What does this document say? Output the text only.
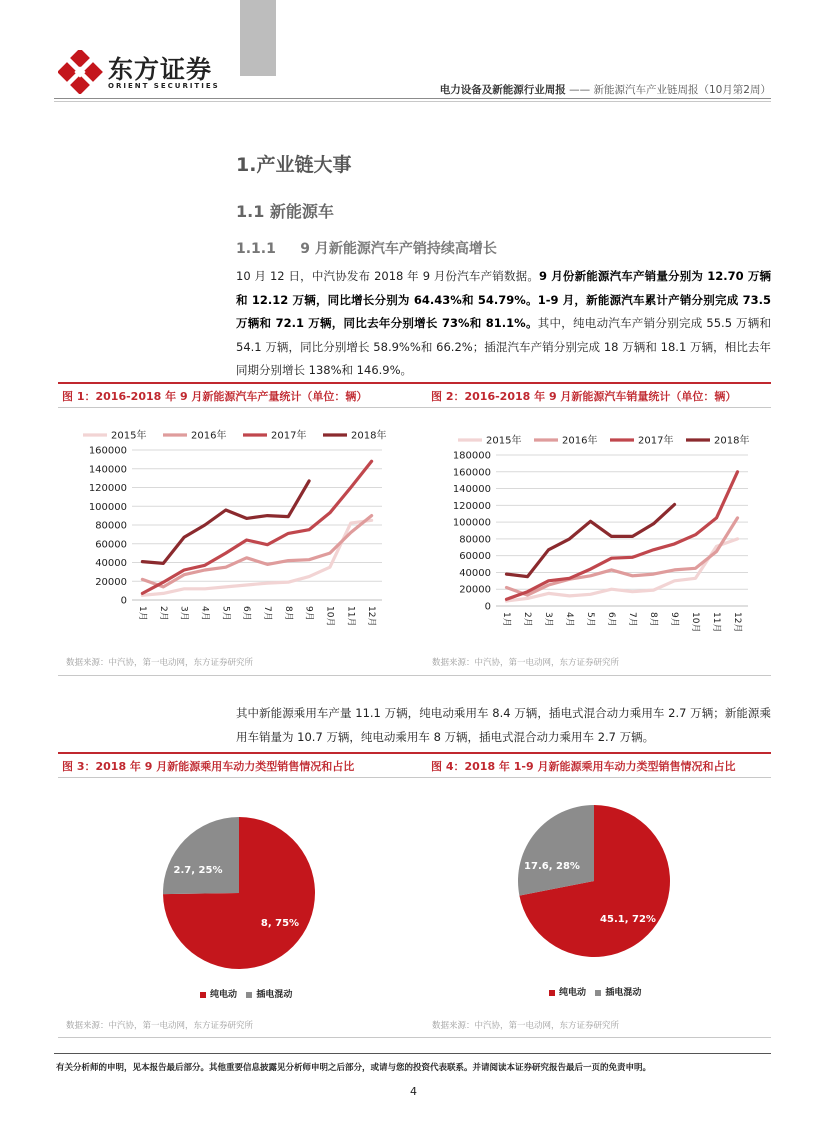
东方证券
ORIENT SECURITIES	电力设备及新能源行业周报 —— 新能源汽车产业链周报（10月第2周）
1.产业链大事
1.1 新能源车
1.1.1     9 月新能源汽车产销持续高增长
10 月 12 日，中汽协发布 2018 年 9 月份汽车产销数据。9 月份新能源汽车产销量分别为 12.70 万辆和 12.12 万辆，同比增长分别为 64.43%和 54.79%。1-9 月，新能源汽车累计产销分别完成 73.5 万辆和 72.1 万辆，同比去年分别增长 73%和 81.1%。其中，纯电动汽车产销分别完成 55.5 万辆和 54.1 万辆，同比分别增长 58.9%%和 66.2%；插混汽车产销分别完成 18 万辆和 18.1 万辆，相比去年同期分别增长 138%和 146.9%。
图 1：2016-2018 年 9 月新能源汽车产量统计（单位：辆）	图 2：2016-2018 年 9 月新能源汽车销量统计（单位：辆）
0
20000
40000
60000
80000
100000
120000
140000
160000
1月 2月 3月 4月 5月 6月 7月 8月 9月 10月 11月 12月
2015年	2016年	2017年	2018年
0
20000
40000
60000
80000
100000
120000
140000
160000
180000
1月 2月 3月 4月 5月 6月 7月 8月 9月 10月 11月 12月
2015年	2016年	2017年	2018年
数据来源：中汽协，第一电动网，东方证券研究所	数据来源：中汽协，第一电动网，东方证券研究所
其中新能源乘用车产量 11.1 万辆，纯电动乘用车 8.4 万辆，插电式混合动力乘用车 2.7 万辆；新能源乘用车销量为 10.7 万辆，纯电动乘用车 8 万辆，插电式混合动力乘用车 2.7 万辆。
图 3：2018 年 9 月新能源乘用车动力类型销售情况和占比	图 4：2018 年 1-9 月新能源乘用车动力类型销售情况和占比
8, 75%
2.7, 25%
45.1, 72%
17.6, 28%
纯电动 插电混动	纯电动 插电混动
数据来源：中汽协，第一电动网，东方证券研究所	数据来源：中汽协，第一电动网，东方证券研究所
有关分析师的申明，见本报告最后部分。其他重要信息披露见分析师申明之后部分，或请与您的投资代表联系。并请阅读本证券研究报告最后一页的免责申明。
4
